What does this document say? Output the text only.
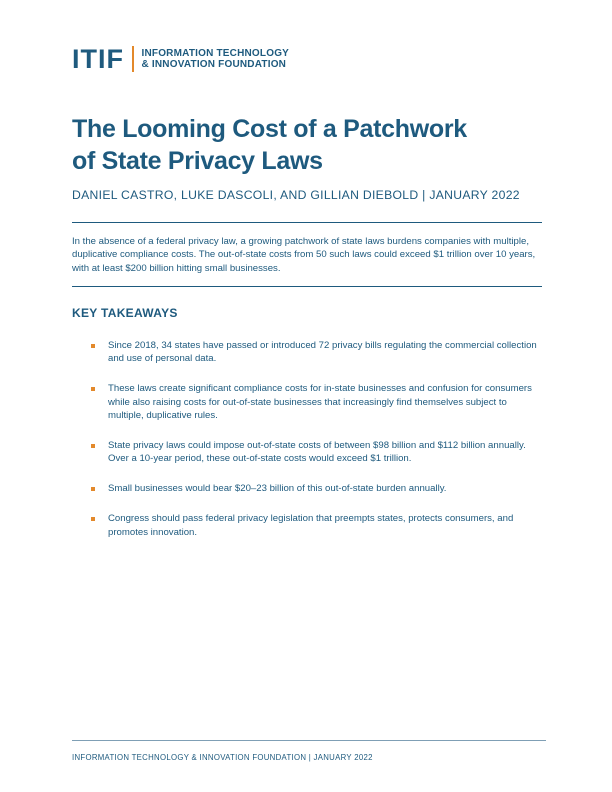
ITIF INFORMATION TECHNOLOGY
& INNOVATION FOUNDATION
The Looming Cost of a Patchwork
of State Privacy Laws
DANIEL CASTRO, LUKE DASCOLI, AND GILLIAN DIEBOLD | JANUARY 2022

In the absence of a federal privacy law, a growing patchwork of state laws burdens companies with multiple, duplicative compliance costs. The out-of-state costs from 50 such laws could exceed $1 trillion over 10 years, with at least $200 billion hitting small businesses.

KEY TAKEAWAYS
Since 2018, 34 states have passed or introduced 72 privacy bills regulating the commercial collection and use of personal data.
These laws create significant compliance costs for in-state businesses and confusion for consumers while also raising costs for out-of-state businesses that increasingly find themselves subject to multiple, duplicative rules.
State privacy laws could impose out-of-state costs of between $98 billion and $112 billion annually. Over a 10-year period, these out-of-state costs would exceed $1 trillion.
Small businesses would bear $20–23 billion of this out-of-state burden annually.
Congress should pass federal privacy legislation that preempts states, protects consumers, and promotes innovation.
INFORMATION TECHNOLOGY & INNOVATION FOUNDATION | JANUARY 2022
